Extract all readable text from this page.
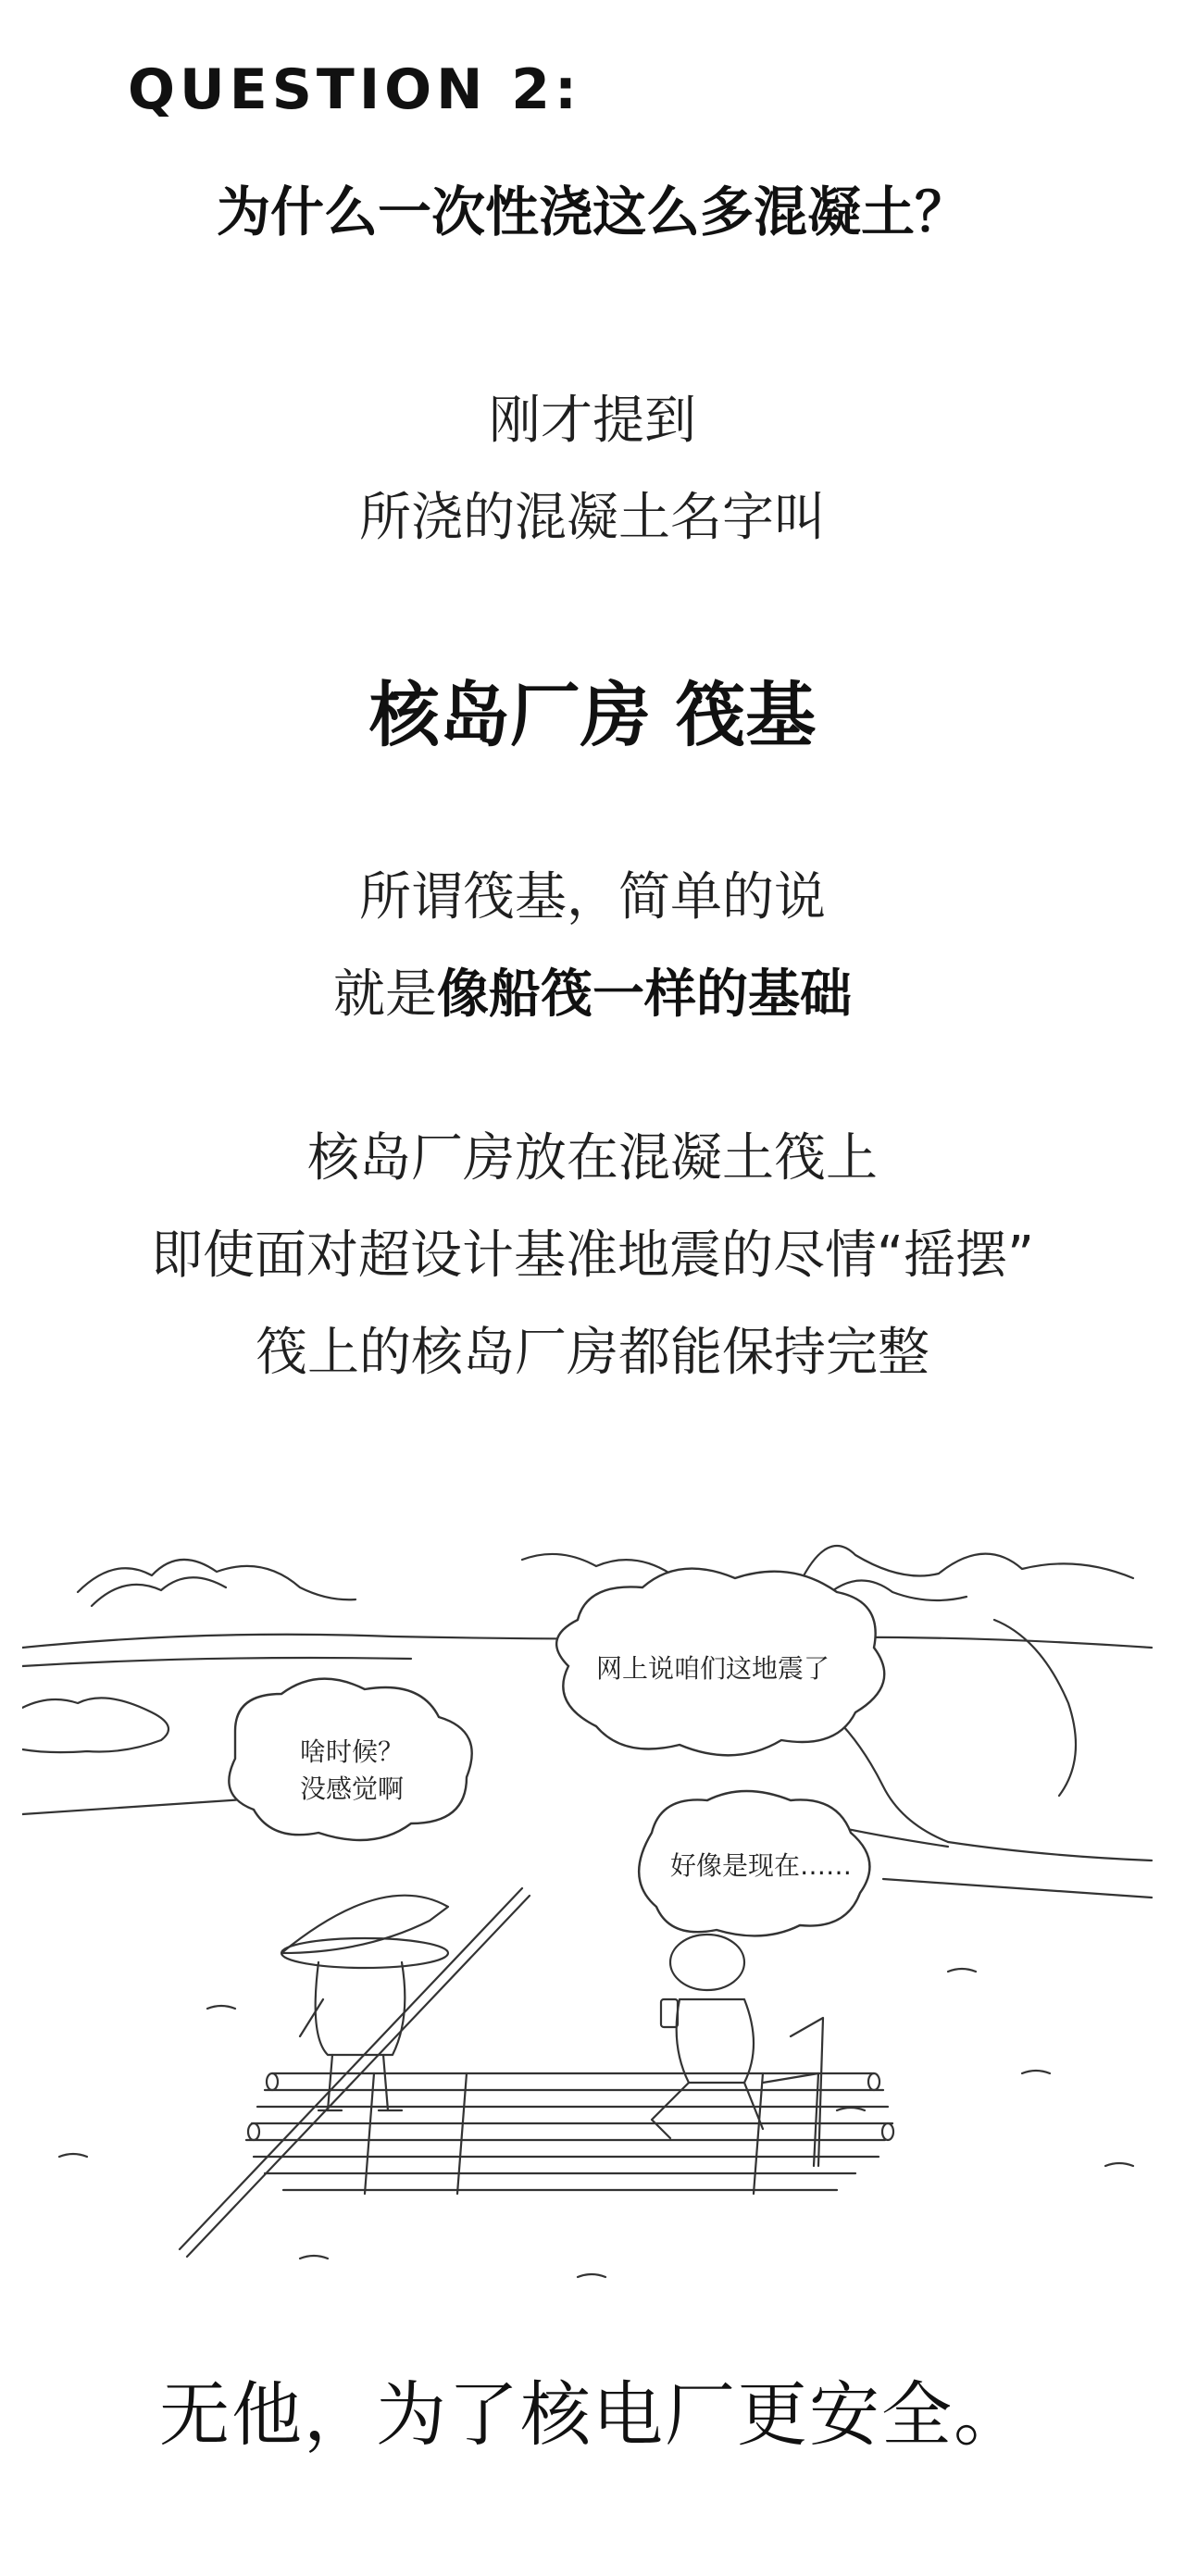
QUESTION 2:
为什么一次性浇这么多混凝土？
刚才提到
所浇的混凝土名字叫
核岛厂房 筏基
所谓筏基，简单的说
就是像船筏一样的基础
核岛厂房放在混凝土筏上
即使面对超设计基准地震的尽情“摇摆”
筏上的核岛厂房都能保持完整
啥时候？
没感觉啊
网上说咱们这地震了
好像是现在……
无他，为了核电厂更安全。
